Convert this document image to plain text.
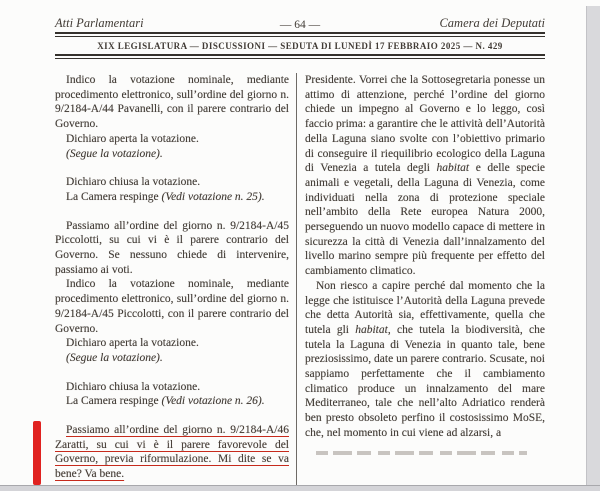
Atti Parlamentari	— 64 —	Camera dei Deputati
XIX LEGISLATURA — DISCUSSIONI — SEDUTA DI LUNEDÌ 17 FEBBRAIO 2025 — N. 429

Indico la votazione nominale, mediante procedimento elettronico, sull’ordine del giorno n. 9/2184-A/44 Pavanelli, con il parere contrario del Governo.

Dichiaro aperta la votazione.

(Segue la votazione).

Dichiaro chiusa la votazione.

La Camera respinge (Vedi votazione n. 25).

Passiamo all’ordine del giorno n. 9/2184-A/45 Piccolotti, su cui vi è il parere contrario del Governo. Se nessuno chiede di intervenire, passiamo ai voti.

Indico la votazione nominale, mediante procedimento elettronico, sull’ordine del giorno n. 9/2184-A/45 Piccolotti, con il parere contrario del Governo.

Dichiaro aperta la votazione.

(Segue la votazione).

Dichiaro chiusa la votazione.

La Camera respinge (Vedi votazione n. 26).

Passiamo all’ordine del giorno n. 9/2184-A/46 Zaratti, su cui vi è il parere favorevole del Governo, previa riformulazione. Mi dite se va bene? Va bene.

Presidente. Vorrei che la Sottosegretaria ponesse un attimo di attenzione, perché l’ordine del giorno chiede un impegno al Governo e lo leggo, così faccio prima: a garantire che le attività dell’Autorità della Laguna siano svolte con l’obiettivo primario di conseguire il riequilibrio ecologico della Laguna di Venezia a tutela degli habitat e delle specie animali e vegetali, della Laguna di Venezia, come individuati nella zona di protezione speciale nell’ambito della Rete europea Natura 2000, perseguendo un nuovo modello capace di mettere in sicurezza la città di Venezia dall’innalzamento del livello marino sempre più frequente per effetto del cambiamento climatico.

Non riesco a capire perché dal momento che la legge che istituisce l’Autorità della Laguna prevede che detta Autorità sia, effettivamente, quella che tutela gli habitat, che tutela la biodiversità, che tutela la Laguna di Venezia in quanto tale, bene preziosissimo, date un parere contrario. Scusate, noi sappiamo perfettamente che il cambiamento climatico produce un innalzamento del mare Mediterraneo, tale che nell’alto Adriatico renderà ben presto obsoleto perfino il costosissimo MoSE, che, nel momento in cui viene ad alzarsi, a
